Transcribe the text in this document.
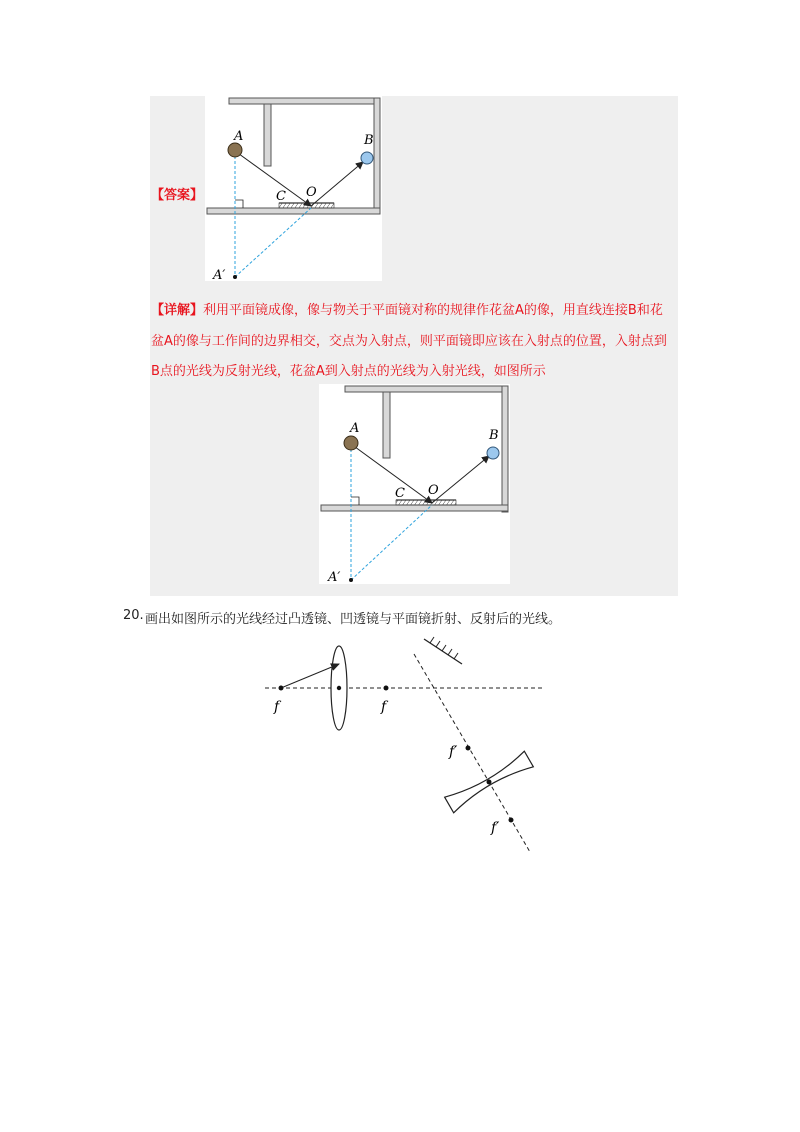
A	B
C O
A′
【答案】
【详解】利用平面镜成像，像与物关于平面镜对称的规律作花盆A的像，用直线连接B和花盆A的像与工作间的边界相交，交点为入射点，则平面镜即应该在入射点的位置，入射点到B点的光线为反射光线，花盆A到入射点的光线为入射光线，如图所示
A	B
C O
A′
20. 画出如图所示的光线经过凸透镜、凹透镜与平面镜折射、反射后的光线。
f	f
f′
f′
